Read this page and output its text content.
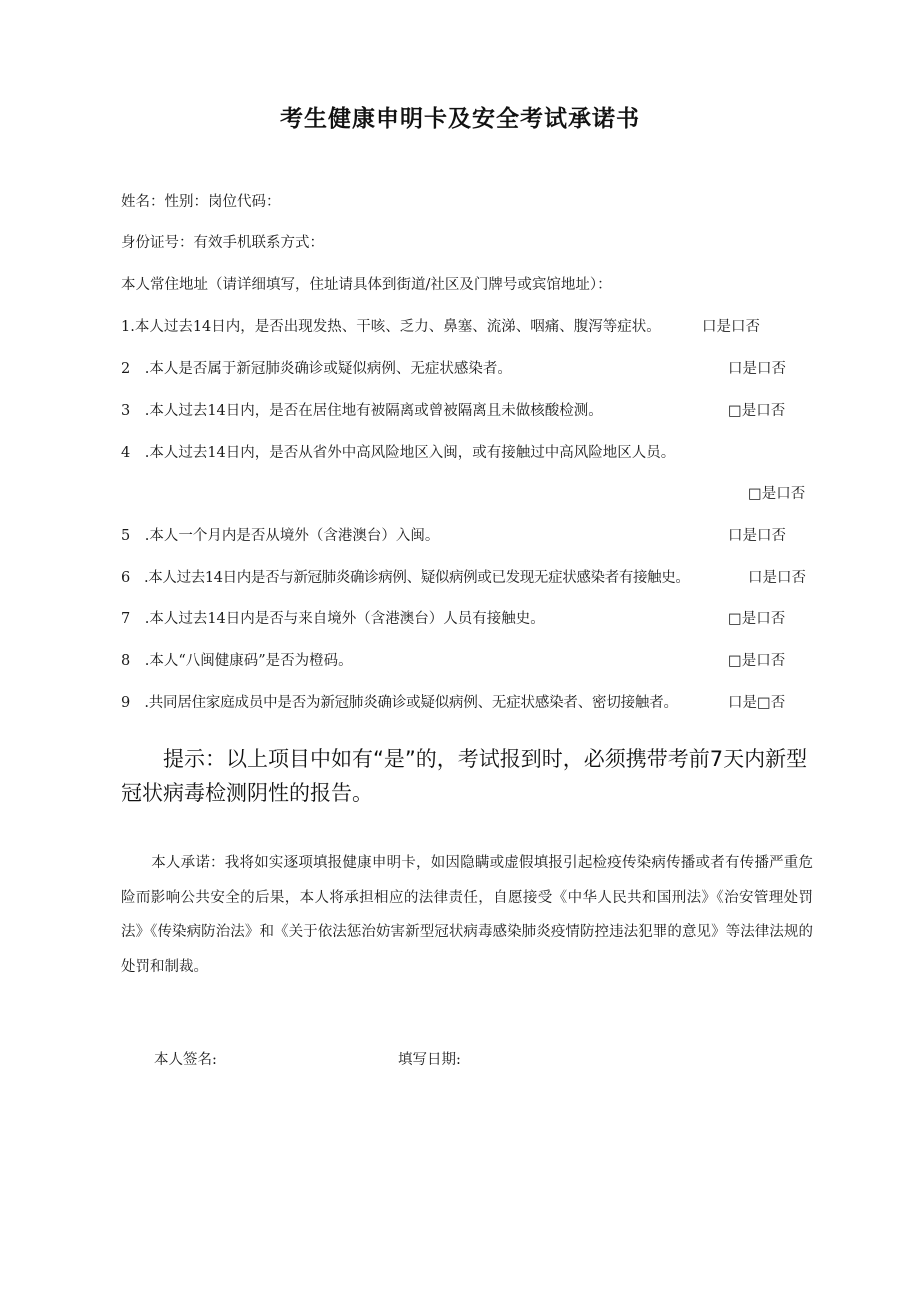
考生健康申明卡及安全考试承诺书

姓名：性别：岗位代码：

身份证号：有效手机联系方式：

本人常住地址（请详细填写，住址请具体到街道/社区及门牌号或宾馆地址）：

1.本人过去14日内，是否出现发热、干咳、乏力、鼻塞、流涕、咽痛、腹泻等症状。	口是口否

2　.本人是否属于新冠肺炎确诊或疑似病例、无症状感染者。	口是口否

3　.本人过去14日内，是否在居住地有被隔离或曾被隔离且未做核酸检测。	□是口否

4　.本人过去14日内，是否从省外中高风险地区入闽，或有接触过中高风险地区人员。

□是口否

5　.本人一个月内是否从境外（含港澳台）入闽。	口是口否

6　.本人过去14日内是否与新冠肺炎确诊病例、疑似病例或已发现无症状感染者有接触史。	口是口否

7　.本人过去14日内是否与来自境外（含港澳台）人员有接触史。	□是口否

8　.本人“八闽健康码”是否为橙码。	□是口否

9　.共同居住家庭成员中是否为新冠肺炎确诊或疑似病例、无症状感染者、密切接触者。	口是□否
提示：以上项目中如有“是”的，考试报到时，必须携带考前7天内新型冠状病毒检测阴性的报告。
本人承诺：我将如实逐项填报健康申明卡，如因隐瞒或虚假填报引起检疫传染病传播或者有传播严重危险而影响公共安全的后果，本人将承担相应的法律责任，自愿接受《中华人民共和国刑法》《治安管理处罚法》《传染病防治法》和《关于依法惩治妨害新型冠状病毒感染肺炎疫情防控违法犯罪的意见》等法律法规的处罚和制裁。
本人签名:	填写日期:
